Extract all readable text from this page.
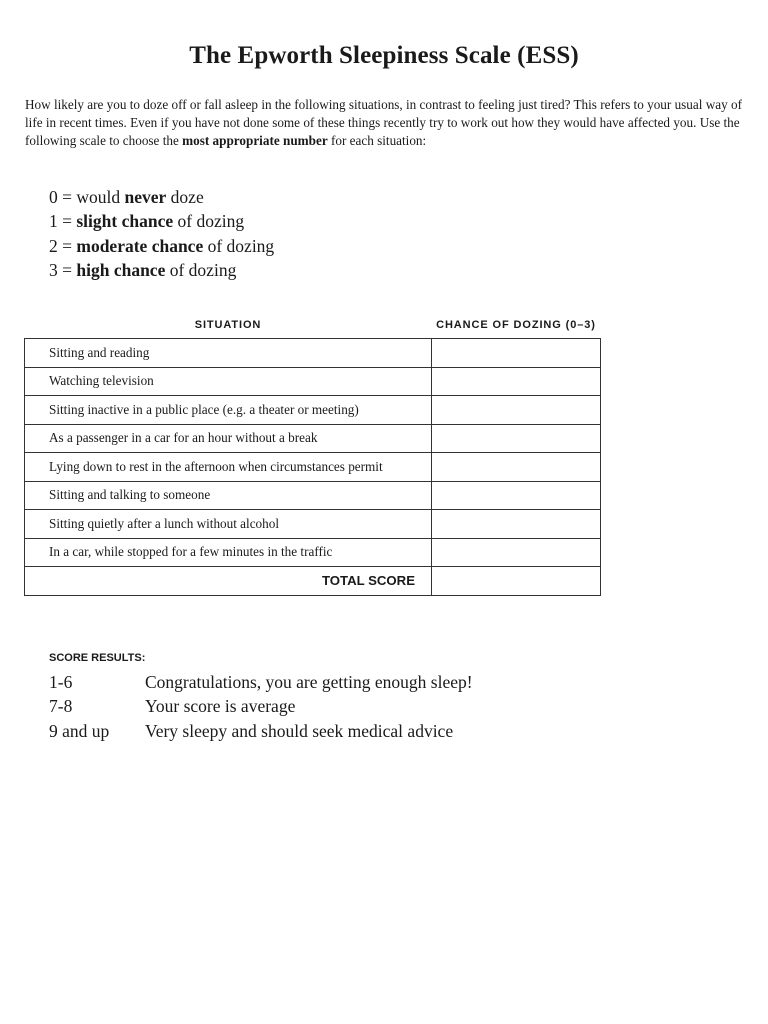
The Epworth Sleepiness Scale (ESS)

How likely are you to doze off or fall asleep in the following situations, in contrast to feeling just tired? This refers to your usual way of life in recent times. Even if you have not done some of these things recently try to work out how they would have affected you. Use the following scale to choose the most appropriate number for each situation:

0 = would never doze
1 = slight chance of dozing
2 = moderate chance of dozing
3 = high chance of dozing
SITUATION	CHANCE OF DOZING (0–3)
Sitting and reading	
Watching television	
Sitting inactive in a public place (e.g. a theater or meeting)	
As a passenger in a car for an hour without a break	
Lying down to rest in the afternoon when circumstances permit	
Sitting and talking to someone	
Sitting quietly after a lunch without alcohol	
In a car, while stopped for a few minutes in the traffic	
TOTAL SCORE	
SCORE RESULTS:
1-6	Congratulations, you are getting enough sleep!
7-8	Your score is average
9 and up	Very sleepy and should seek medical advice
